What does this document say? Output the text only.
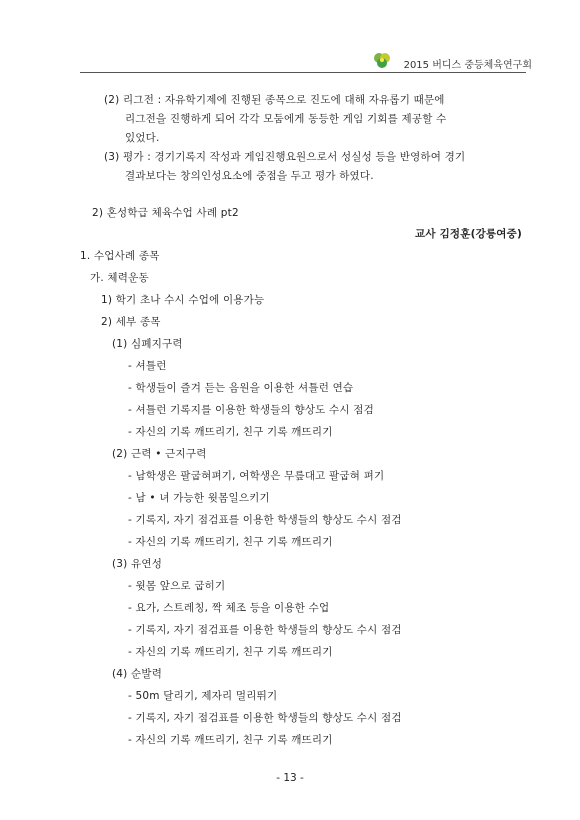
2015 버디스 중등체육연구회
(2) 리그전 : 자유학기제에 진행된 종목으로 진도에 대해 자유롭기 때문에
리그전을 진행하게 되어 각각 모둠에게 동등한 게임 기회를 제공할 수
있었다.
(3) 평가 : 경기기록지 작성과 게임진행요원으로서 성실성 등을 반영하여 경기
결과보다는 창의인성요소에 중점을 두고 평가 하였다.
2) 혼성학급 체육수업 사례 pt2
교사 김정훈(강릉여중)
1. 수업사례 종목
가. 체력운동
1) 학기 초나 수시 수업에 이용가능
2) 세부 종목
(1) 심폐지구력
- 셔틀런
- 학생들이 즐겨 듣는 음원을 이용한 셔틀런 연습
- 셔틀런 기록지를 이용한 학생들의 향상도 수시 점검
- 자신의 기록 깨뜨리기, 친구 기록 깨뜨리기
(2) 근력 • 근지구력
- 남학생은 팔굽혀펴기, 여학생은 무릎대고 팔굽혀 펴기
- 남 • 녀 가능한 윗몸일으키기
- 기록지, 자기 점검표를 이용한 학생들의 향상도 수시 점검
- 자신의 기록 깨뜨리기, 친구 기록 깨뜨리기
(3) 유연성
- 윗몸 앞으로 굽히기
- 요가, 스트레칭, 짝 체조 등을 이용한 수업
- 기록지, 자기 점검표를 이용한 학생들의 향상도 수시 점검
- 자신의 기록 깨뜨리기, 친구 기록 깨뜨리기
(4) 순발력
- 50m 달리기, 제자리 멀리뛰기
- 기록지, 자기 점검표를 이용한 학생들의 향상도 수시 점검
- 자신의 기록 깨뜨리기, 친구 기록 깨뜨리기
- 13 -
